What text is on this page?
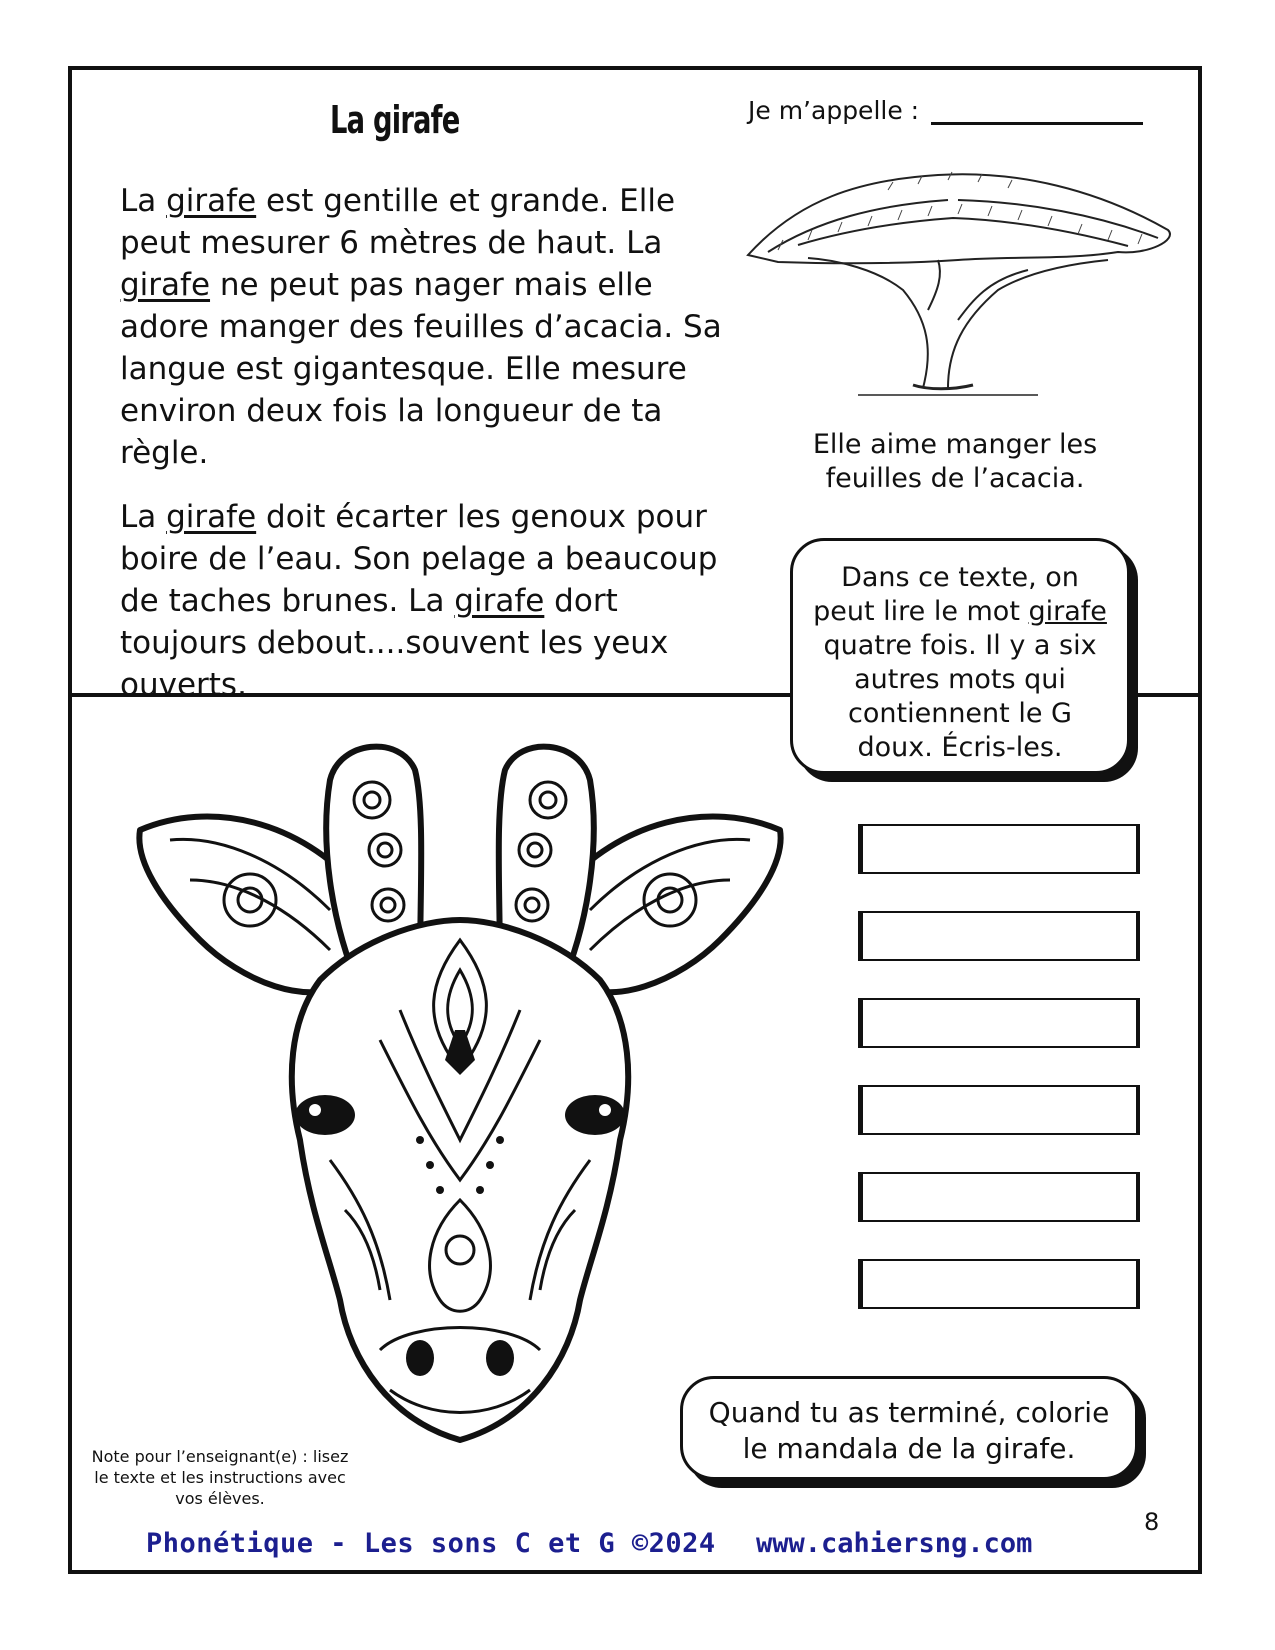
La girafe	Je m’appelle :

La girafe est gentille et grande. Elle peut mesurer 6 mètres de haut. La girafe ne peut pas nager mais elle adore manger des feuilles d’acacia. Sa langue est gigantesque. Elle mesure environ deux fois la longueur de ta règle.

La girafe doit écarter les genoux pour boire de l’eau. Son pelage a beaucoup de taches brunes. La girafe dort toujours debout....souvent les yeux ouverts.

Elle aime manger les feuilles de l’acacia.
Dans ce texte, on peut lire le mot girafe quatre fois. Il y a six autres mots qui contiennent le G doux. Écris-les.
Quand tu as terminé, colorie le mandala de la girafe.
Note pour l’enseignant(e) : lisez le texte et les instructions avec vos élèves.
Phonétique - Les sons C et G ©2024 www.cahiersng.com
8
